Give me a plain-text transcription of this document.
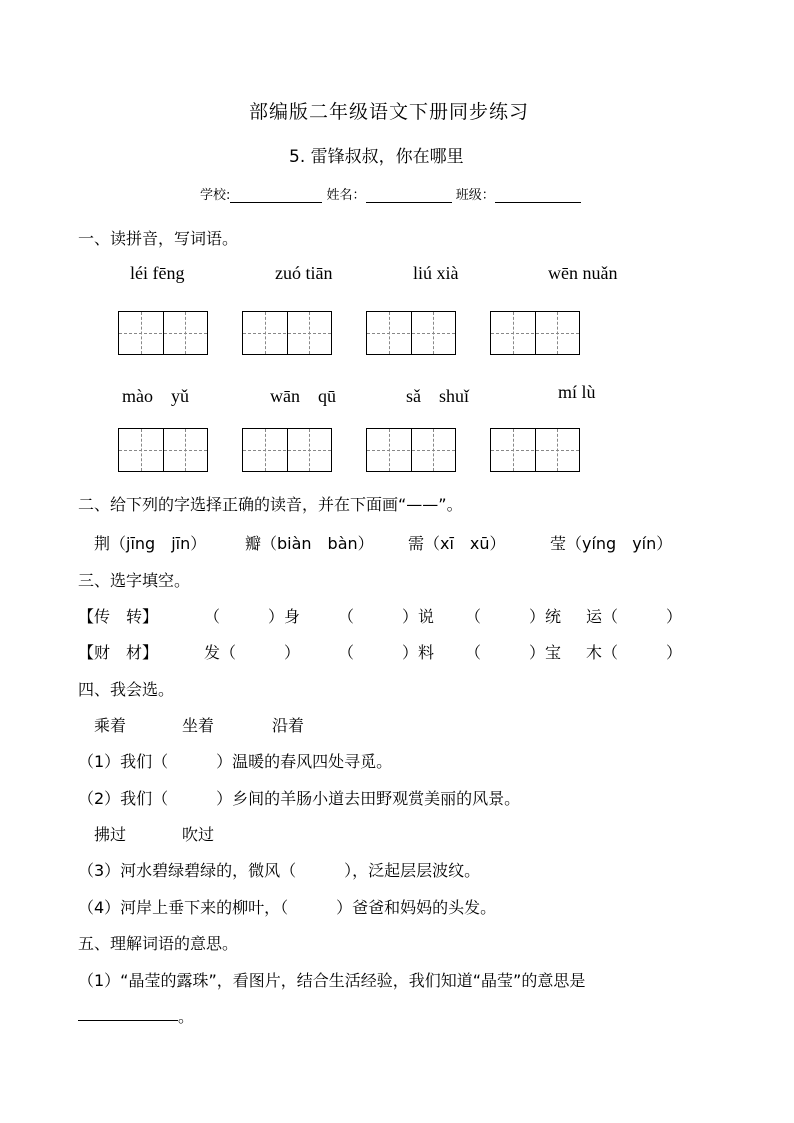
部编版二年级语文下册同步练习
5. 雷锋叔叔，你在哪里
学校:	姓名：	班级：
一、读拼音，写词语。
léi fēng	zuó tiān	liú xià	wēn nuǎn
mào　yǔ	wān　qū	sǎ　shuǐ	mí lù
二、给下列的字选择正确的读音，并在下面画“——”。
荆（jīng　jīn） 瓣（biàn　bàn） 需（xī　xū）	莹（yíng　yín）
三、选字填空。
【传　转】	（　　　）身 （　　　）说 （　　　）统 运（　　　）
【财　材】	发（　　　） （　　　）料 （　　　）宝 木（　　　）
四、我会选。
乘着	坐着	沿着
（1）我们（　　　）温暖的春风四处寻觅。
（2）我们（　　　）乡间的羊肠小道去田野观赏美丽的风景。
拂过	吹过
（3）河水碧绿碧绿的，微风（　　　），泛起层层波纹。
（4）河岸上垂下来的柳叶，（　　　）爸爸和妈妈的头发。
五、理解词语的意思。
（1）“晶莹的露珠”，看图片，结合生活经验，我们知道“晶莹”的意思是
。
